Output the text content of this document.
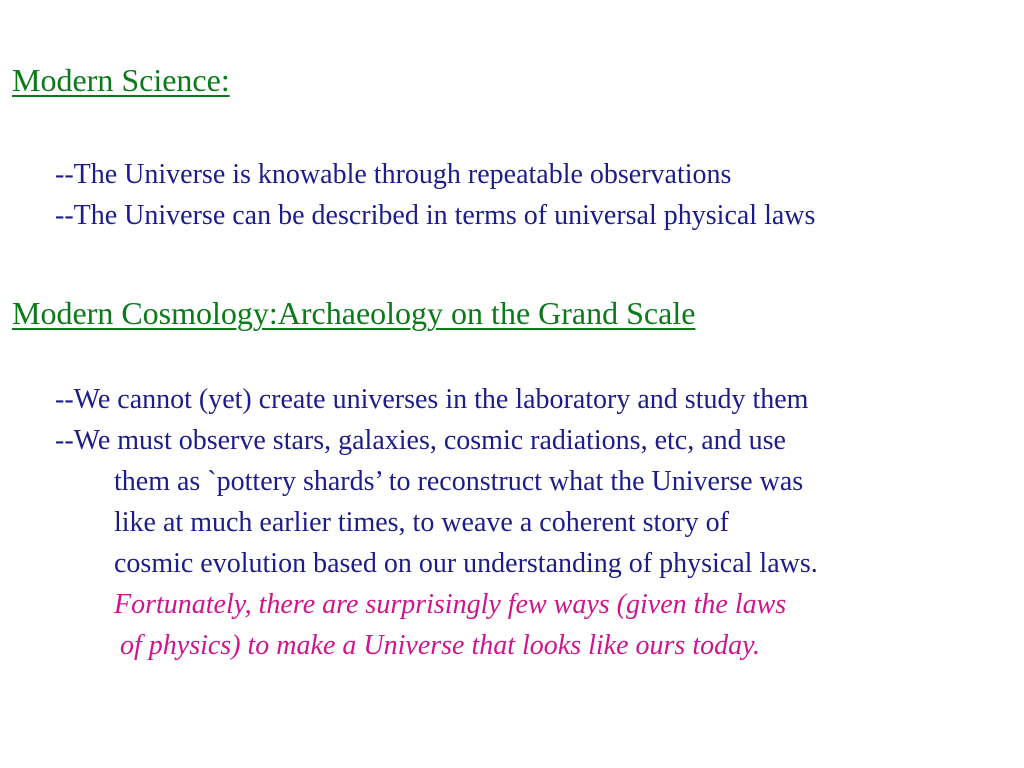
Modern Science:
--The Universe is knowable through repeatable observations
--The Universe can be described in terms of universal physical laws
Modern Cosmology:Archaeology on the Grand Scale
--We cannot (yet) create universes in the laboratory and study them
--We must observe stars, galaxies, cosmic radiations, etc, and use
them as `pottery shards’ to reconstruct what the Universe was
like at much earlier times, to weave a coherent story of
cosmic evolution based on our understanding of physical laws.
Fortunately, there are surprisingly few ways (given the laws
of physics) to make a Universe that looks like ours today.
